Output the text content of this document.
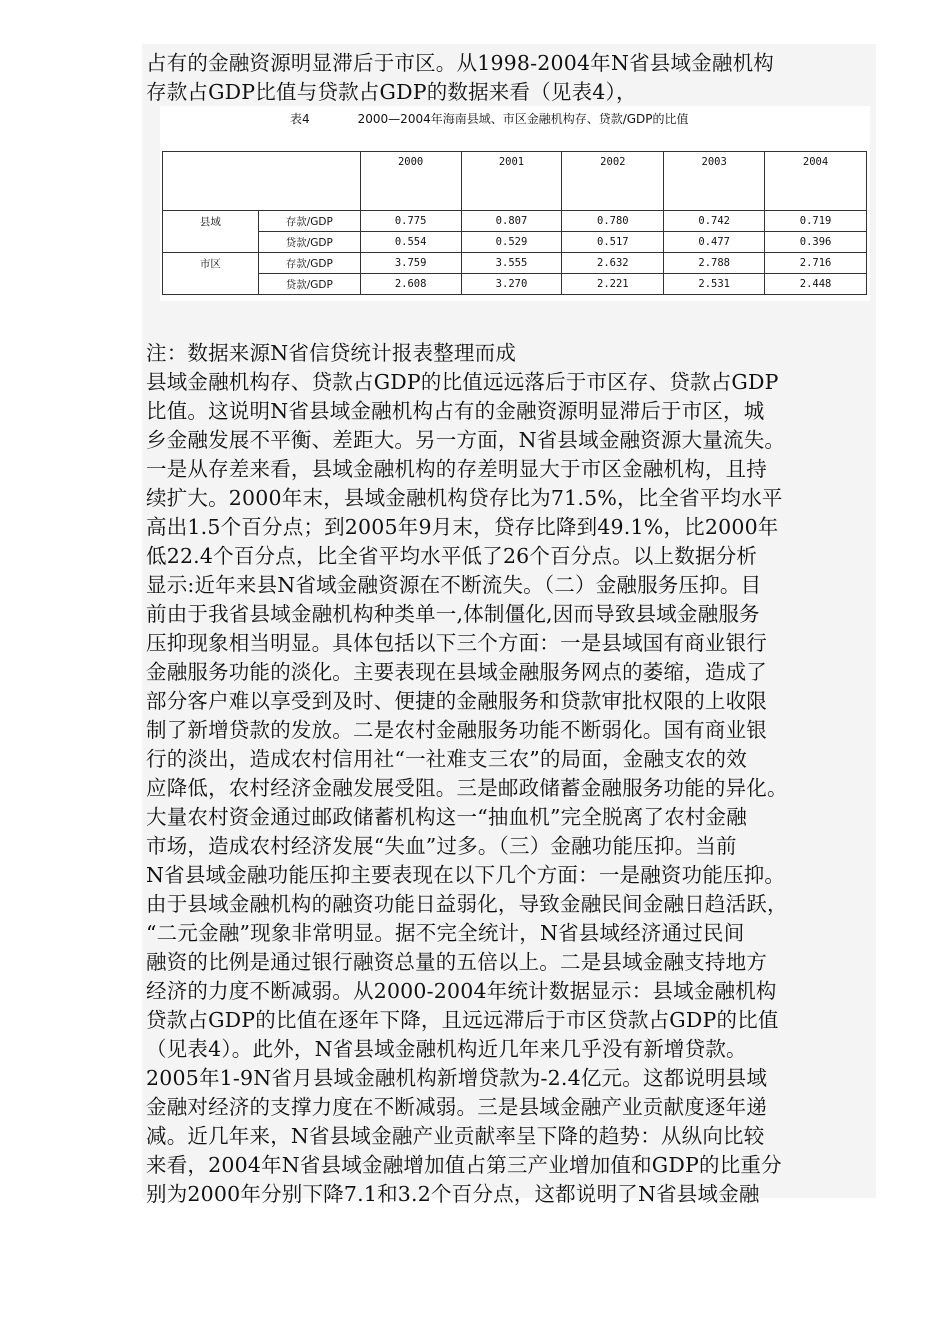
占有的金融资源明显滞后于市区。从1998-2004年N省县域金融机构

存款占GDP比值与贷款占GDP的数据来看（见表4），

表4	2000—2004年海南县域、市区金融机构存、贷款/GDP的比值
		2000	2001	2002	2003	2004
县域	存款/GDP	0.775	0.807	0.780	0.742	0.719
	贷款/GDP	0.554	0.529	0.517	0.477	0.396
市区	存款/GDP	3.759	3.555	2.632	2.788	2.716
	贷款/GDP	2.608	3.270	2.221	2.531	2.448

注：数据来源N省信贷统计报表整理而成

县域金融机构存、贷款占GDP的比值远远落后于市区存、贷款占GDP

比值。这说明N省县域金融机构占有的金融资源明显滞后于市区，城

乡金融发展不平衡、差距大。另一方面，N省县域金融资源大量流失。

一是从存差来看，县域金融机构的存差明显大于市区金融机构，且持

续扩大。2000年末，县域金融机构贷存比为71.5%，比全省平均水平

高出1.5个百分点；到2005年9月末，贷存比降到49.1%，比2000年

低22.4个百分点，比全省平均水平低了26个百分点。以上数据分析

显示:近年来县N省域金融资源在不断流失。（二）金融服务压抑。目

前由于我省县域金融机构种类单一,体制僵化,因而导致县域金融服务

压抑现象相当明显。具体包括以下三个方面：一是县域国有商业银行

金融服务功能的淡化。主要表现在县域金融服务网点的萎缩，造成了

部分客户难以享受到及时、便捷的金融服务和贷款审批权限的上收限

制了新增贷款的发放。二是农村金融服务功能不断弱化。国有商业银

行的淡出，造成农村信用社“一社难支三农”的局面，金融支农的效

应降低，农村经济金融发展受阻。三是邮政储蓄金融服务功能的异化。

大量农村资金通过邮政储蓄机构这一“抽血机”完全脱离了农村金融

市场，造成农村经济发展“失血”过多。（三）金融功能压抑。当前

N省县域金融功能压抑主要表现在以下几个方面：一是融资功能压抑。

由于县域金融机构的融资功能日益弱化，导致金融民间金融日趋活跃，

“二元金融”现象非常明显。据不完全统计，N省县域经济通过民间

融资的比例是通过银行融资总量的五倍以上。二是县域金融支持地方

经济的力度不断减弱。从2000-2004年统计数据显示：县域金融机构

贷款占GDP的比值在逐年下降，且远远滞后于市区贷款占GDP的比值

（见表4）。此外，N省县域金融机构近几年来几乎没有新增贷款。

2005年1-9N省月县域金融机构新增贷款为-2.4亿元。这都说明县域

金融对经济的支撑力度在不断减弱。三是县域金融产业贡献度逐年递

减。近几年来，N省县域金融产业贡献率呈下降的趋势：从纵向比较

来看，2004年N省县域金融增加值占第三产业增加值和GDP的比重分

别为2000年分别下降7.1和3.2个百分点，这都说明了N省县域金融
